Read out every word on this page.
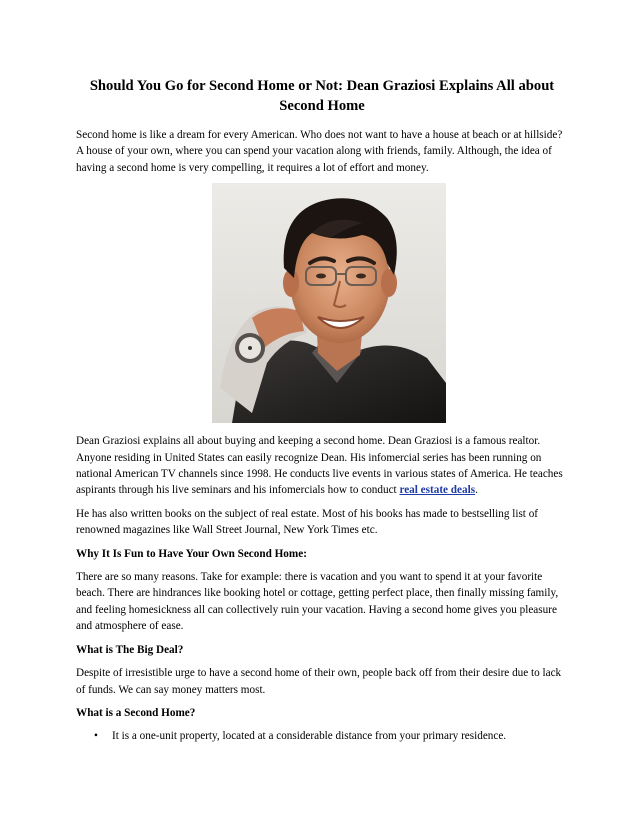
Should You Go for Second Home or Not: Dean Graziosi Explains All about Second Home

Second home is like a dream for every American. Who does not want to have a house at beach or at hillside? A house of your own, where you can spend your vacation along with friends, family. Although, the idea of having a second home is very compelling, it requires a lot of effort and money.

Dean Graziosi explains all about buying and keeping a second home. Dean Graziosi is a famous realtor. Anyone residing in United States can easily recognize Dean. His infomercial series has been running on national American TV channels since 1998. He conducts live events in various states of America. He teaches aspirants through his live seminars and his infomercials how to conduct real estate deals.

He has also written books on the subject of real estate. Most of his books has made to bestselling list of renowned magazines like Wall Street Journal, New York Times etc.

Why It Is Fun to Have Your Own Second Home:

There are so many reasons. Take for example: there is vacation and you want to spend it at your favorite beach. There are hindrances like booking hotel or cottage, getting perfect place, then finally missing family, and feeling homesickness all can collectively ruin your vacation. Having a second home gives you pleasure and atmosphere of ease.

What is The Big Deal?

Despite of irresistible urge to have a second home of their own, people back off from their desire due to lack of funds. We can say money matters most.

What is a Second Home?

• It is a one-unit property, located at a considerable distance from your primary residence.
